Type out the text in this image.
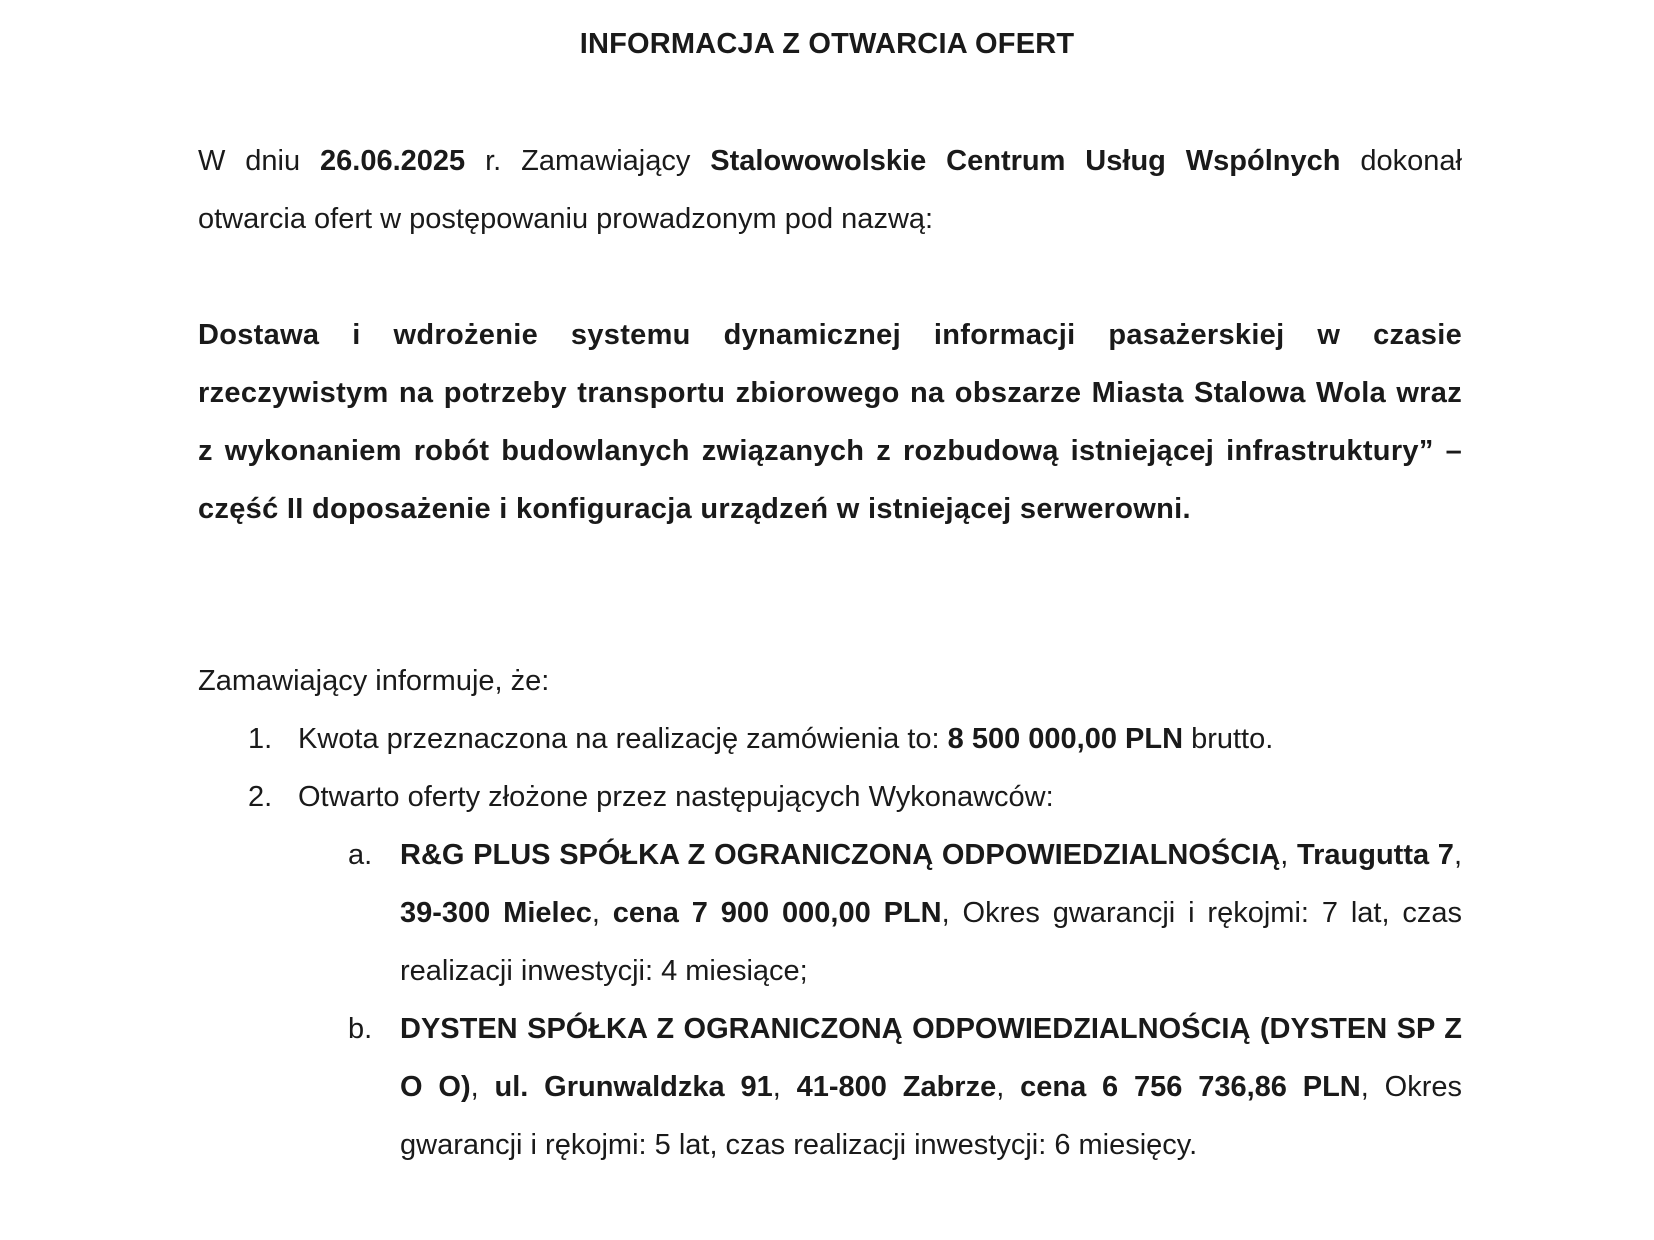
INFORMACJA Z OTWARCIA OFERT

W dniu 26.06.2025 r. Zamawiający Stalowowolskie Centrum Usług Wspólnych dokonał otwarcia ofert w postępowaniu prowadzonym pod nazwą:

Dostawa i wdrożenie systemu dynamicznej informacji pasażerskiej w czasie rzeczywistym na potrzeby transportu zbiorowego na obszarze Miasta Stalowa Wola wraz z wykonaniem robót budowlanych związanych z rozbudową istniejącej infrastruktury” – część II doposażenie i konfiguracja urządzeń w istniejącej serwerowni.

Zamawiający informuje, że:

1. Kwota przeznaczona na realizację zamówienia to: 8 500 000,00 PLN brutto.
2. Otwarto oferty złożone przez następujących Wykonawców:
a. R&G PLUS SPÓŁKA Z OGRANICZONĄ ODPOWIEDZIALNOŚCIĄ, Traugutta 7, 39-300 Mielec, cena 7 900 000,00 PLN, Okres gwarancji i rękojmi: 7 lat, czas realizacji inwestycji: 4 miesiące;
b. DYSTEN SPÓŁKA Z OGRANICZONĄ ODPOWIEDZIALNOŚCIĄ (DYSTEN SP Z O O), ul. Grunwaldzka 91, 41-800 Zabrze, cena 6 756 736,86 PLN, Okres gwarancji i rękojmi: 5 lat, czas realizacji inwestycji: 6 miesięcy.
